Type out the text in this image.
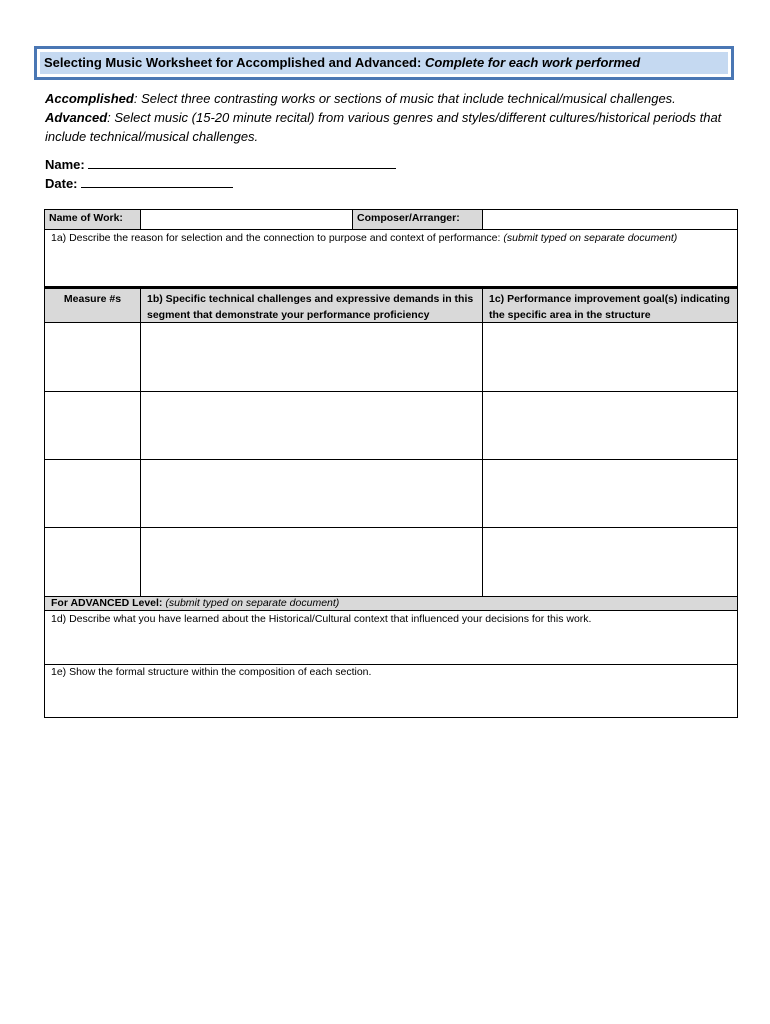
Selecting Music Worksheet for Accomplished and Advanced: Complete for each work performed
Accomplished: Select three contrasting works or sections of music that include technical/musical challenges.
Advanced: Select music (15-20 minute recital) from various genres and styles/different cultures/historical periods that include technical/musical challenges.
Name:
Date:
Name of Work:	Composer/Arranger:
1a) Describe the reason for selection and the connection to purpose and context of performance: (submit typed on separate document)
Measure #s	1b) Specific technical challenges and expressive demands in this segment that demonstrate your performance proficiency
1c) Performance improvement goal(s) indicating the specific area in the structure
For ADVANCED Level: (submit typed on separate document)
1d) Describe what you have learned about the Historical/Cultural context that influenced your decisions for this work.
1e) Show the formal structure within the composition of each section.
